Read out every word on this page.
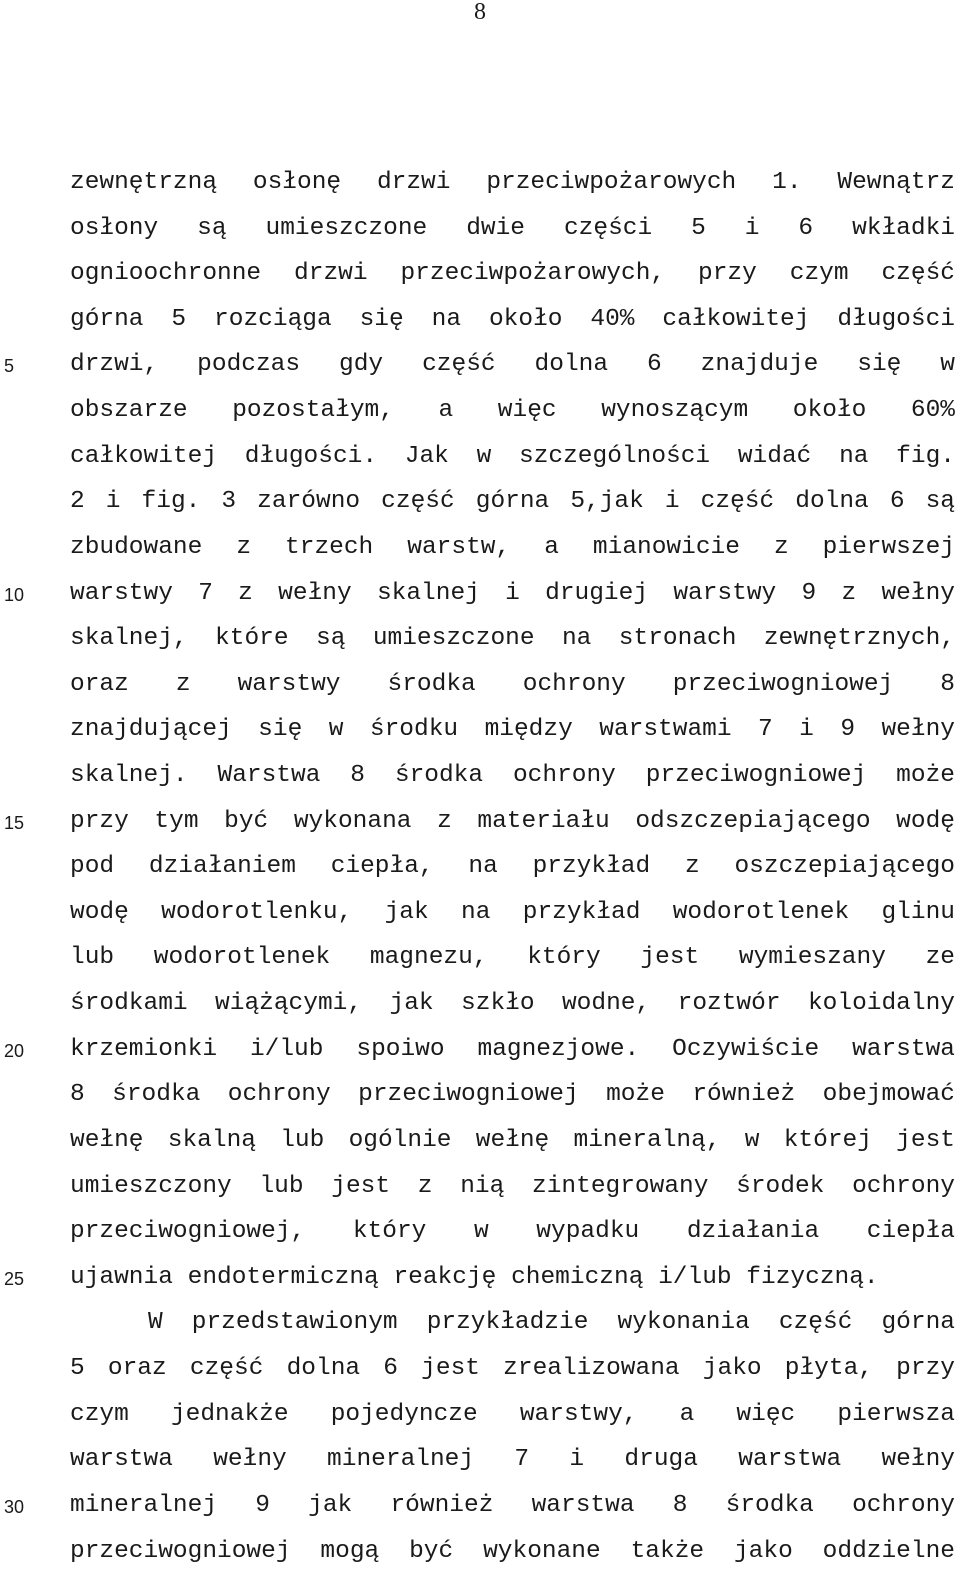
8

5

10

15

20

25

30

zewnętrzną osłonę drzwi przeciwpożarowych 1. Wewnątrz

osłony są umieszczone dwie części 5 i 6 wkładki

ognioochronne drzwi przeciwpożarowych, przy czym część

górna 5 rozciąga się na około 40% całkowitej długości

drzwi, podczas gdy część dolna 6 znajduje się w

obszarze pozostałym, a więc wynoszącym około 60%

całkowitej długości. Jak w szczególności widać na fig.

2 i fig. 3 zarówno część górna 5,jak i część dolna 6 są

zbudowane z trzech warstw, a mianowicie z pierwszej

warstwy 7 z wełny skalnej i drugiej warstwy 9 z wełny

skalnej, które są umieszczone na stronach zewnętrznych,

oraz z warstwy środka ochrony przeciwogniowej 8

znajdującej się w środku między warstwami 7 i 9 wełny

skalnej. Warstwa 8 środka ochrony przeciwogniowej może

przy tym być wykonana z materiału odszczepiającego wodę

pod działaniem ciepła, na przykład z oszczepiającego

wodę wodorotlenku, jak na przykład wodorotlenek glinu

lub wodorotlenek magnezu, który jest wymieszany ze

środkami wiążącymi, jak szkło wodne, roztwór koloidalny

krzemionki i/lub spoiwo magnezjowe. Oczywiście warstwa

8 środka ochrony przeciwogniowej może również obejmować

wełnę skalną lub ogólnie wełnę mineralną, w której jest

umieszczony lub jest z nią zintegrowany środek ochrony

przeciwogniowej, który w wypadku działania ciepła

ujawnia endotermiczną reakcję chemiczną i/lub fizyczną.

W przedstawionym przykładzie wykonania część górna

5 oraz część dolna 6 jest zrealizowana jako płyta, przy

czym jednakże pojedyncze warstwy, a więc pierwsza

warstwa wełny mineralnej 7 i druga warstwa wełny

mineralnej 9 jak również warstwa 8 środka ochrony

przeciwogniowej mogą być wykonane także jako oddzielne
